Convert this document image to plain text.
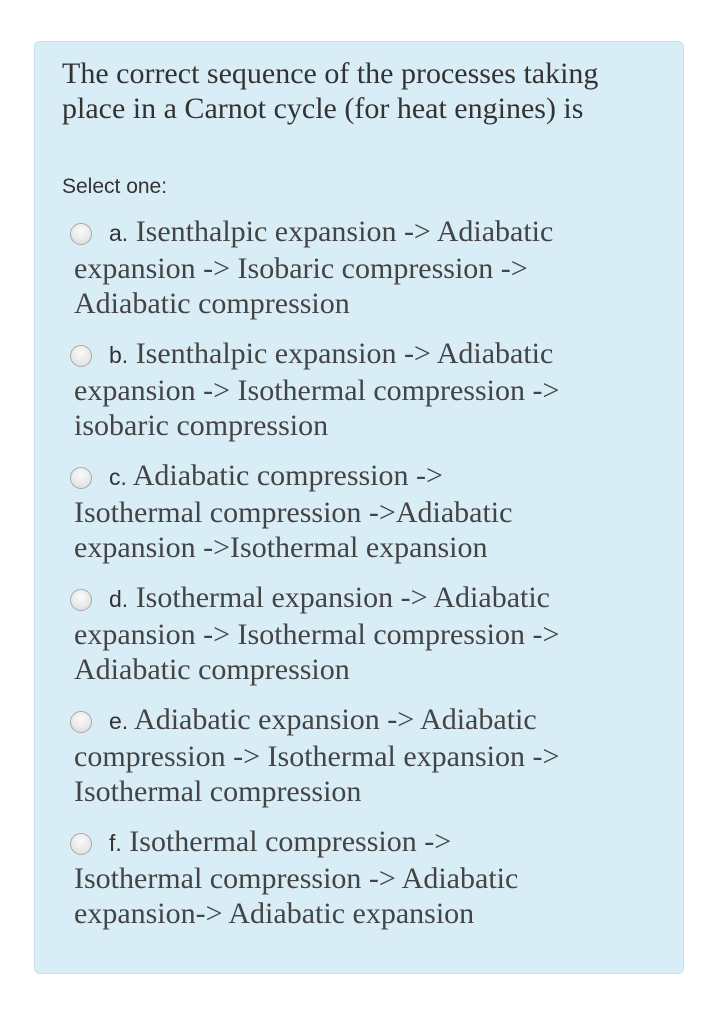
The correct sequence of the processes taking place in a Carnot cycle (for heat engines) is

Select one:
a. Isenthalpic expansion -> Adiabatic
expansion -> Isobaric compression -> Adiabatic compression
b. Isenthalpic expansion -> Adiabatic
expansion -> Isothermal compression -> isobaric compression
c. Adiabatic compression ->
Isothermal compression ->Adiabatic expansion ->Isothermal expansion
d. Isothermal expansion -> Adiabatic
expansion -> Isothermal compression -> Adiabatic compression
e. Adiabatic expansion -> Adiabatic
compression -> Isothermal expansion -> Isothermal compression
f. Isothermal compression ->
Isothermal compression -> Adiabatic expansion-> Adiabatic expansion
